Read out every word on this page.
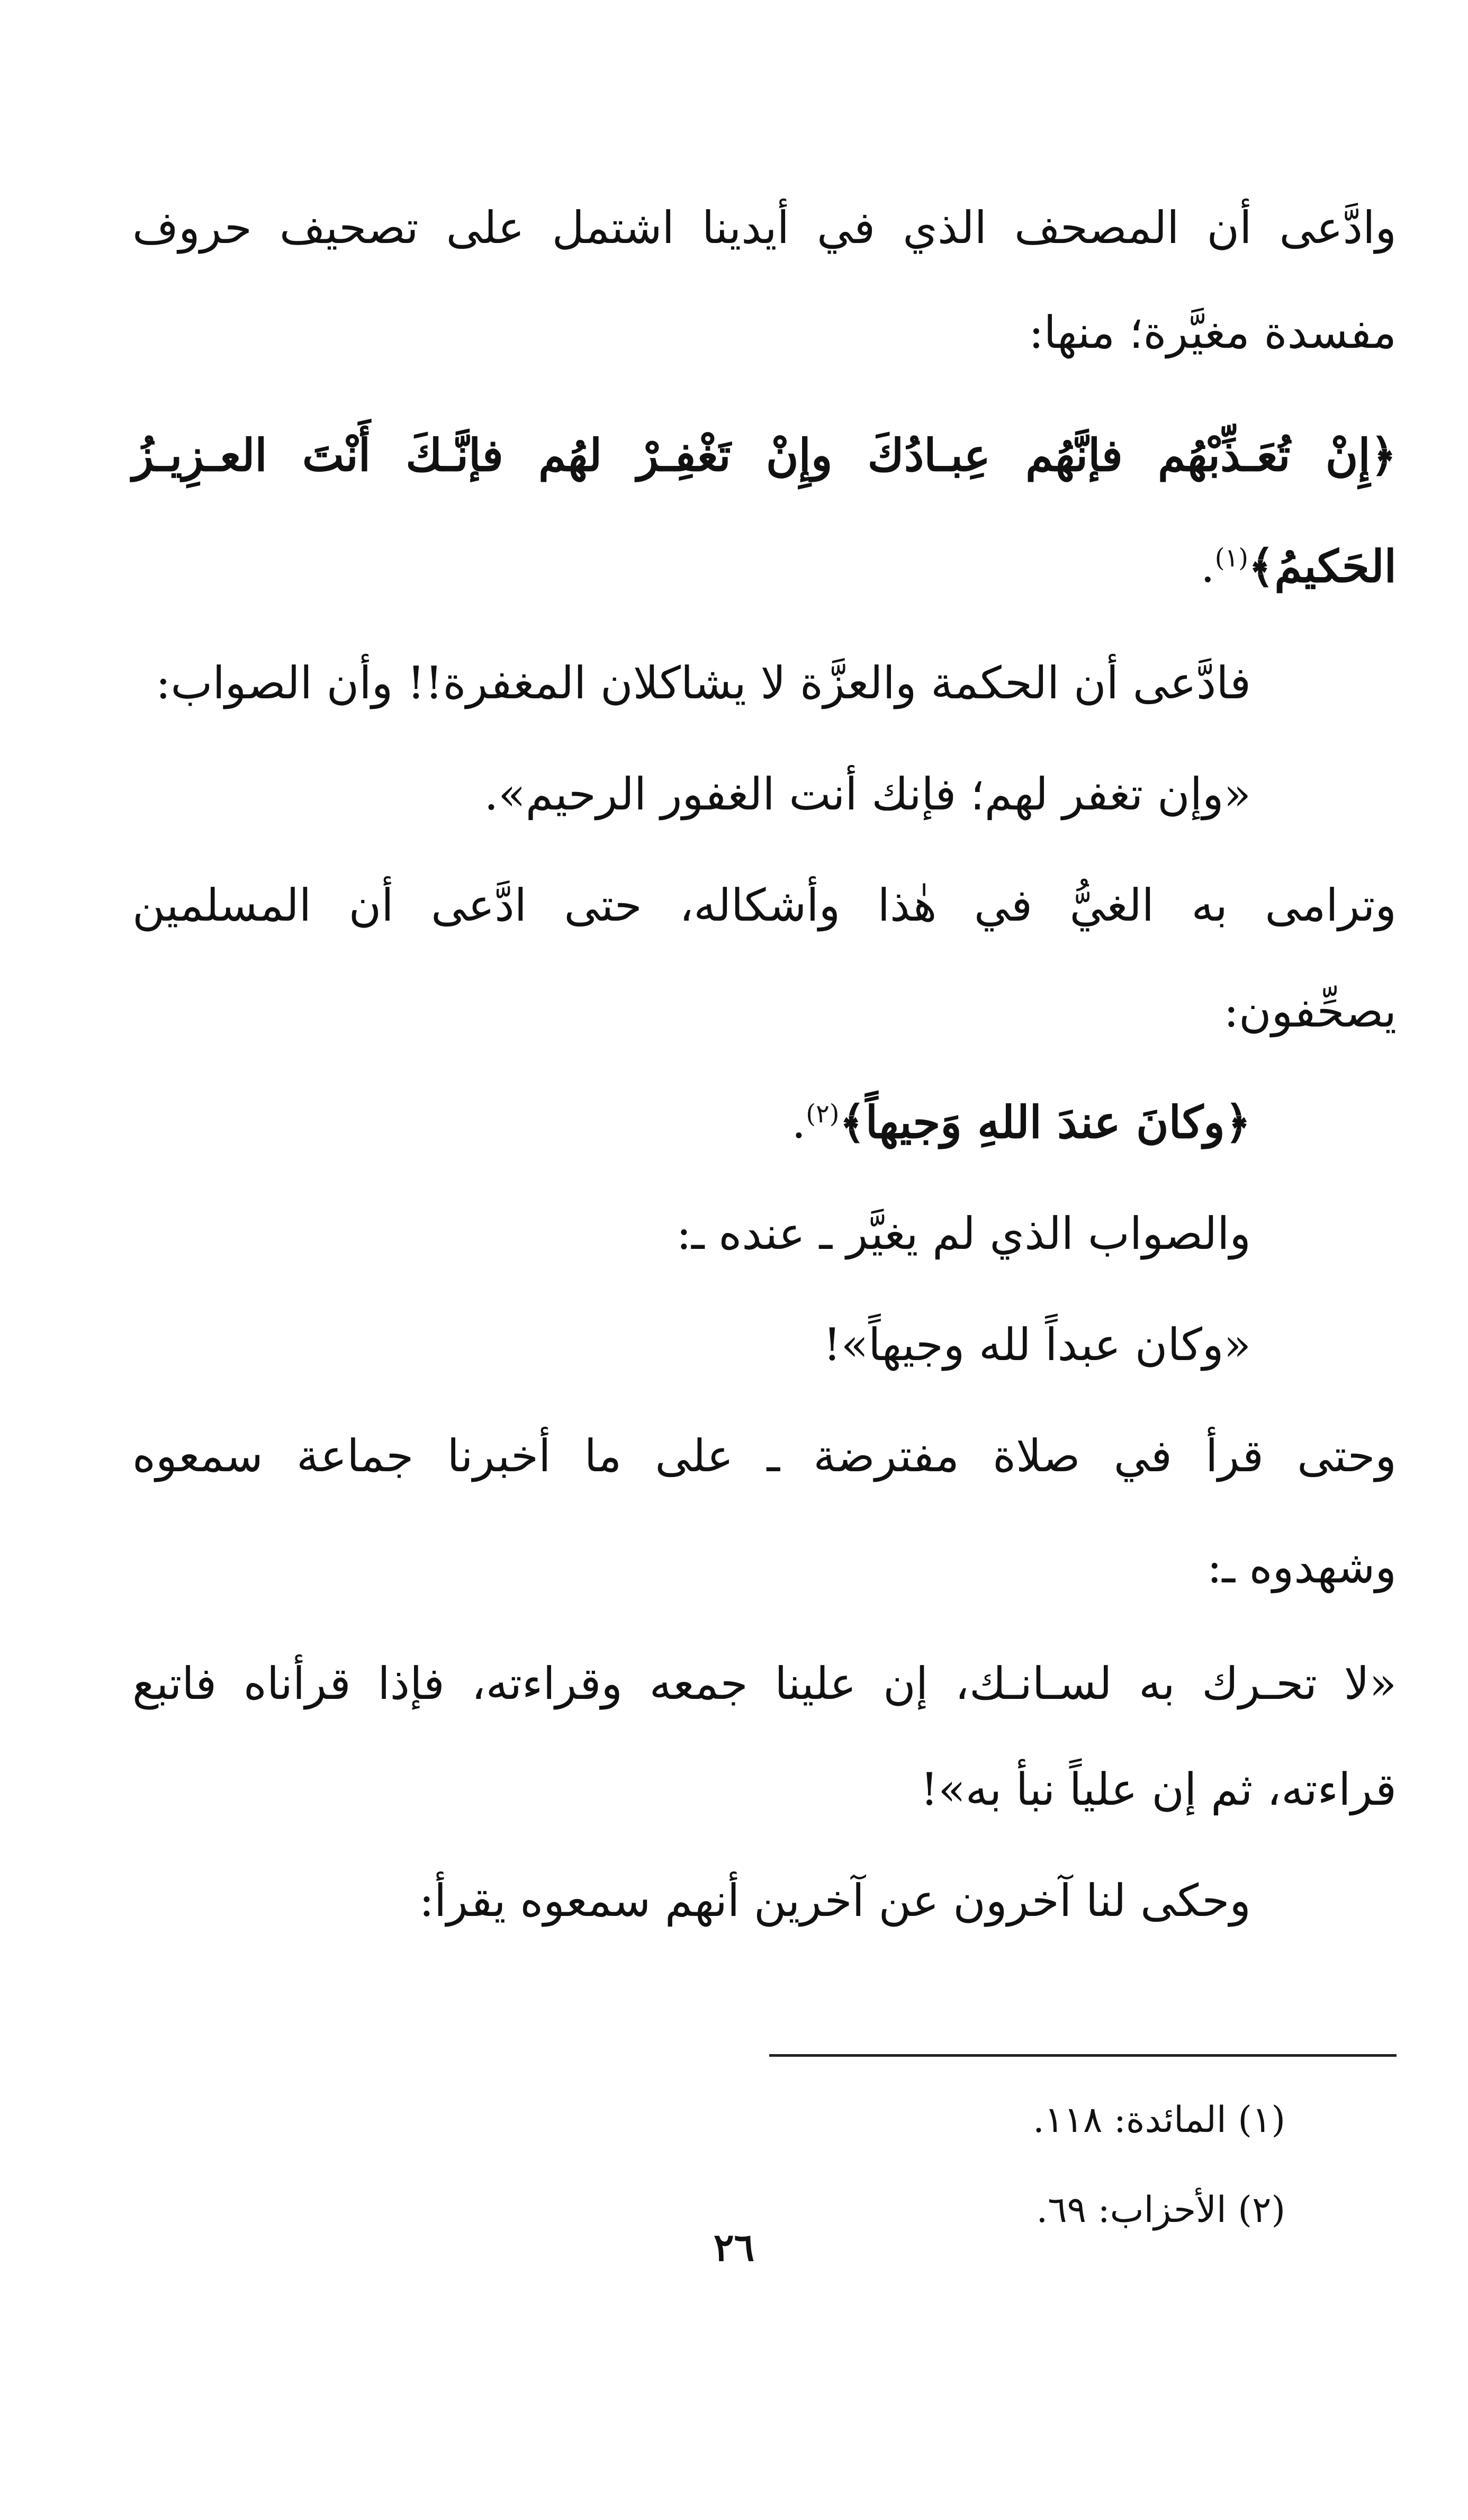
وادَّعى أن المصحف الذي في أيدينا اشتمل على تصحيف حروف
مفسدة مغيَّرة؛ منها:
﴿إِنْ تُعَـذِّبْهُم فإنَّهُم عِبـادُكَ وإِنْ تَغْفِـرْ لهُم فإنَّـكَ أَنْتَ العـزِيـزُ
الحَكيمُ﴾$^{(١)}$.
فادَّعى أن الحكمة والعزَّة لا يشاكلان المغفرة!! وأن الصواب:
«وإن تغفر لهم؛ فإنك أنت الغفور الرحيم».
وترامى به الغيُّ في هٰذا وأشكاله، حتى ادَّعى أن المسلمين
يصحِّفون:
﴿وكانَ عندَ اللهِ وَجيهاً﴾$^{(٢)}$.
والصواب الذي لم يغيَّر ـ عنده ـ:
«وكان عبداً لله وجيهاً»!
وحتى قرأ في صلاة مفترضة ـ على ما أخبرنا جماعة سمعوه
وشهدوه ـ:
«لا تحـرك به لسـانـك، إن علينا جمعه وقراءته، فإذا قرأناه فاتبع
قراءته، ثم إن علياً نبأ به»!
وحكى لنا آخرون عن آخرين أنهم سمعوه يقرأ:
(١) المائدة: ١١٨.
(٢) الأحزاب: ٦٩.
٢٦
